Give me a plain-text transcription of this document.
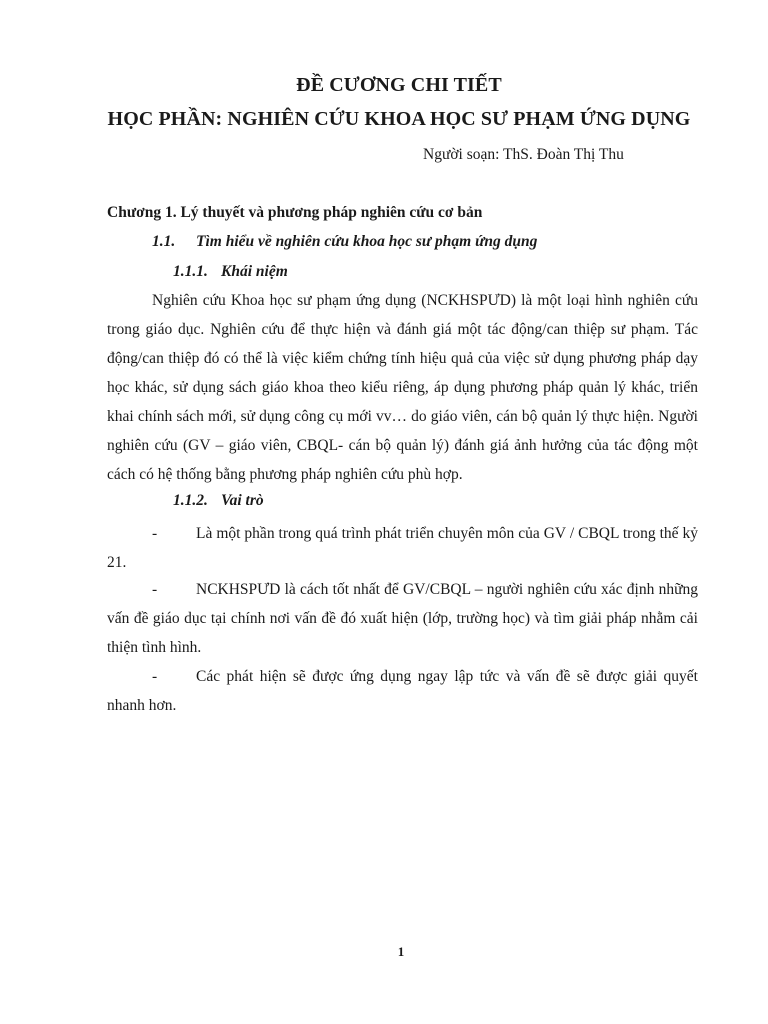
ĐỀ CƯƠNG CHI TIẾT
HỌC PHẦN: NGHIÊN CỨU KHOA HỌC SƯ PHẠM ỨNG DỤNG
Người soạn: ThS. Đoàn Thị Thu
Chương 1. Lý thuyết và phương pháp nghiên cứu cơ bản
1.1. Tìm hiểu về nghiên cứu khoa học sư phạm ứng dụng
1.1.1. Khái niệm
Nghiên cứu Khoa học sư phạm ứng dụng (NCKHSPƯD) là một loại hình nghiên cứu trong giáo dục. Nghiên cứu để thực hiện và đánh giá một tác động/can thiệp sư phạm. Tác động/can thiệp đó có thể là việc kiểm chứng tính hiệu quả của việc sử dụng phương pháp dạy học khác, sử dụng sách giáo khoa theo kiểu riêng, áp dụng phương pháp quản lý khác, triển khai chính sách mới, sử dụng công cụ mới vv… do giáo viên, cán bộ quản lý thực hiện. Người nghiên cứu (GV – giáo viên, CBQL- cán bộ quản lý) đánh giá ảnh hưởng của tác động một cách có hệ thống bằng phương pháp nghiên cứu phù hợp.
1.1.2. Vai trò
-	Là một phần trong quá trình phát triển chuyên môn của GV / CBQL trong thế kỷ 21.
-	NCKHSPƯD là cách tốt nhất để GV/CBQL – người nghiên cứu xác định những vấn đề giáo dục tại chính nơi vấn đề đó xuất hiện (lớp, trường học) và tìm giải pháp nhằm cải thiện tình hình.
-	Các phát hiện sẽ được ứng dụng ngay lập tức và vấn đề sẽ được giải quyết nhanh hơn.
1
